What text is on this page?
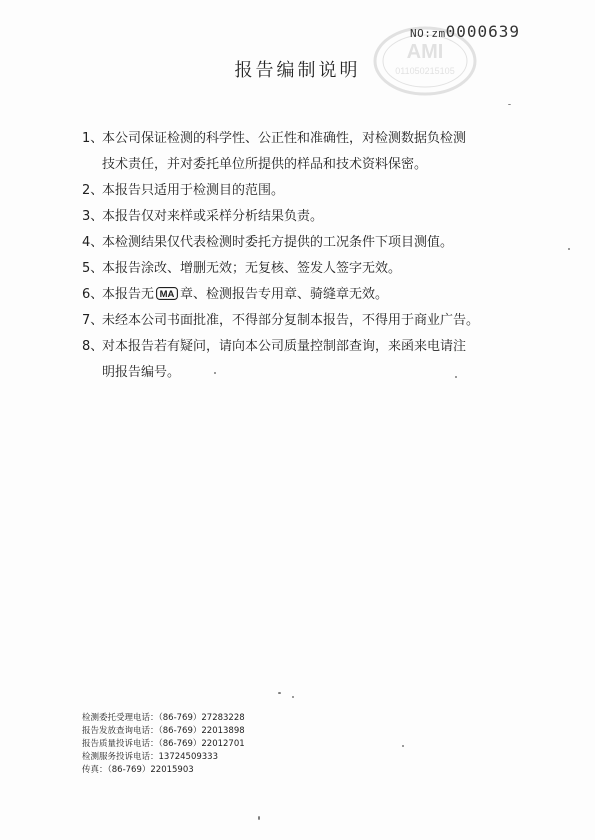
AMI
011050215105
NO:zm0000639
报告编制说明
1、
本公司保证检测的科学性、公正性和准确性，对检测数据负检测
技术责任，并对委托单位所提供的样品和技术资料保密。
2、
本报告只适用于检测目的范围。
3、
本报告仅对来样或采样分析结果负责。
4、
本检测结果仅代表检测时委托方提供的工况条件下项目测值。
5、
本报告涂改、增删无效；无复核、签发人签字无效。
6、
本报告无 MA 章、检测报告专用章、骑缝章无效。
7、
未经本公司书面批准，不得部分复制本报告，不得用于商业广告。
8、
对本报告若有疑问，请向本公司质量控制部查询，来函来电请注
明报告编号。
检测委托受理电话：（86-769）27283228
报告发放查询电话：（86-769）22013898
报告质量投诉电话：（86-769）22012701
检测服务投诉电话：13724509333
传真：（86-769）22015903
